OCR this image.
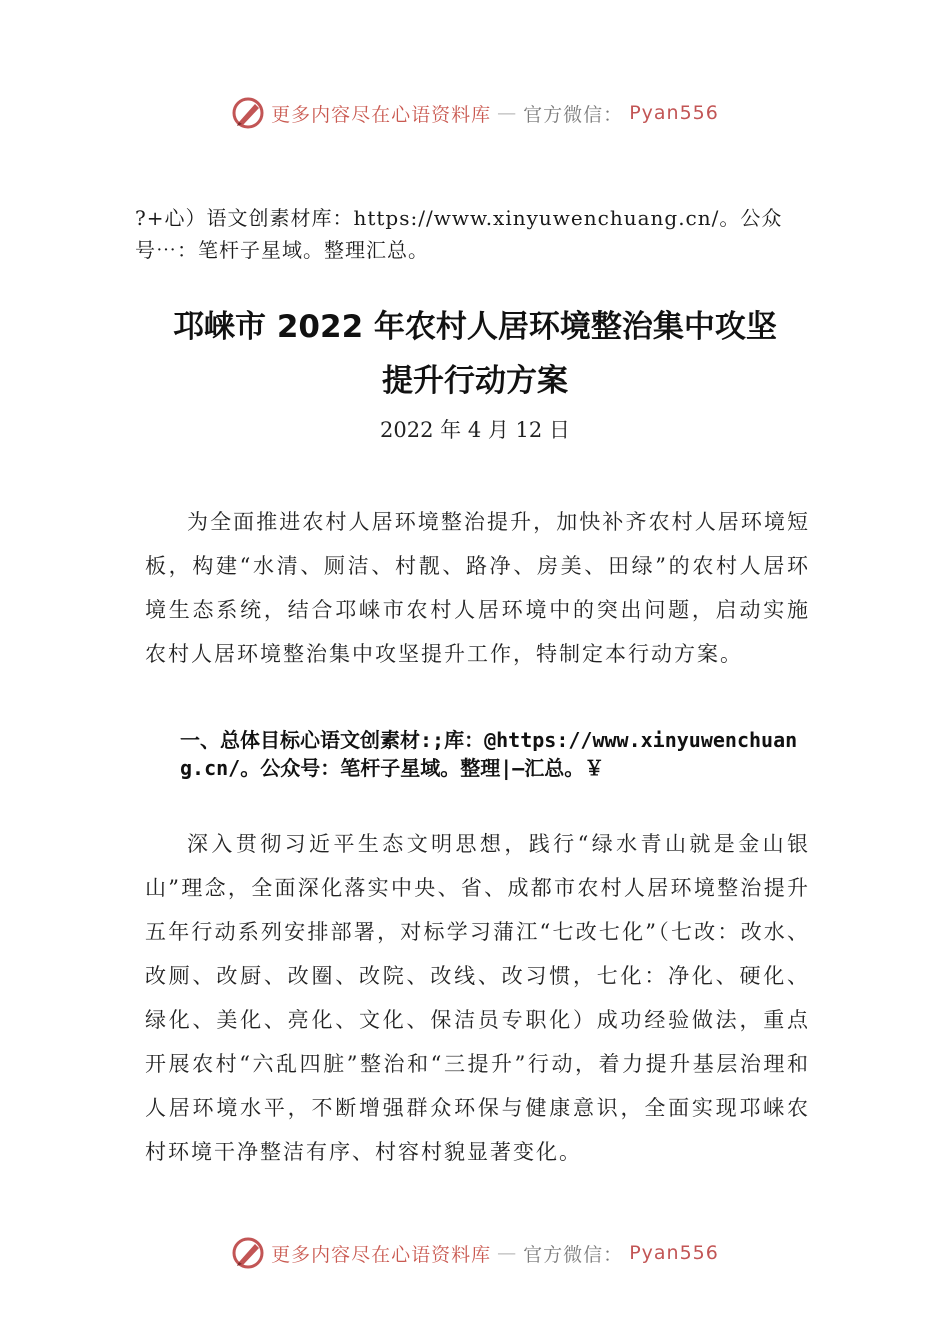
更多内容尽在心语资料库 — 官方微信： Pyan556
?+心）语文创素材库：https://www.xinyuwenchuang.cn/。公众号⋯：笔杆子星域。整理汇总。
邛崃市 2022 年农村人居环境整治集中攻坚
提升行动方案
2022 年 4 月 12 日
为全面推进农村人居环境整治提升，加快补齐农村人居环境短板，构建“水清、厕洁、村靓、路净、房美、田绿”的农村人居环境生态系统，结合邛崃市农村人居环境中的突出问题，启动实施农村人居环境整治集中攻坚提升工作，特制定本行动方案。
一、总体目标心语文创素材:;库：@https://www.xinyuwenchuang.cn/。公众号：笔杆子星域。整理|—汇总。￥
深入贯彻习近平生态文明思想，践行“绿水青山就是金山银山”理念，全面深化落实中央、省、成都市农村人居环境整治提升五年行动系列安排部署，对标学习蒲江“七改七化”（七改：改水、改厕、改厨、改圈、改院、改线、改习惯，七化：净化、硬化、绿化、美化、亮化、文化、保洁员专职化）成功经验做法，重点开展农村“六乱四脏”整治和“三提升”行动，着力提升基层治理和人居环境水平，不断增强群众环保与健康意识，全面实现邛崃农村环境干净整洁有序、村容村貌显著变化。
更多内容尽在心语资料库 — 官方微信： Pyan556
